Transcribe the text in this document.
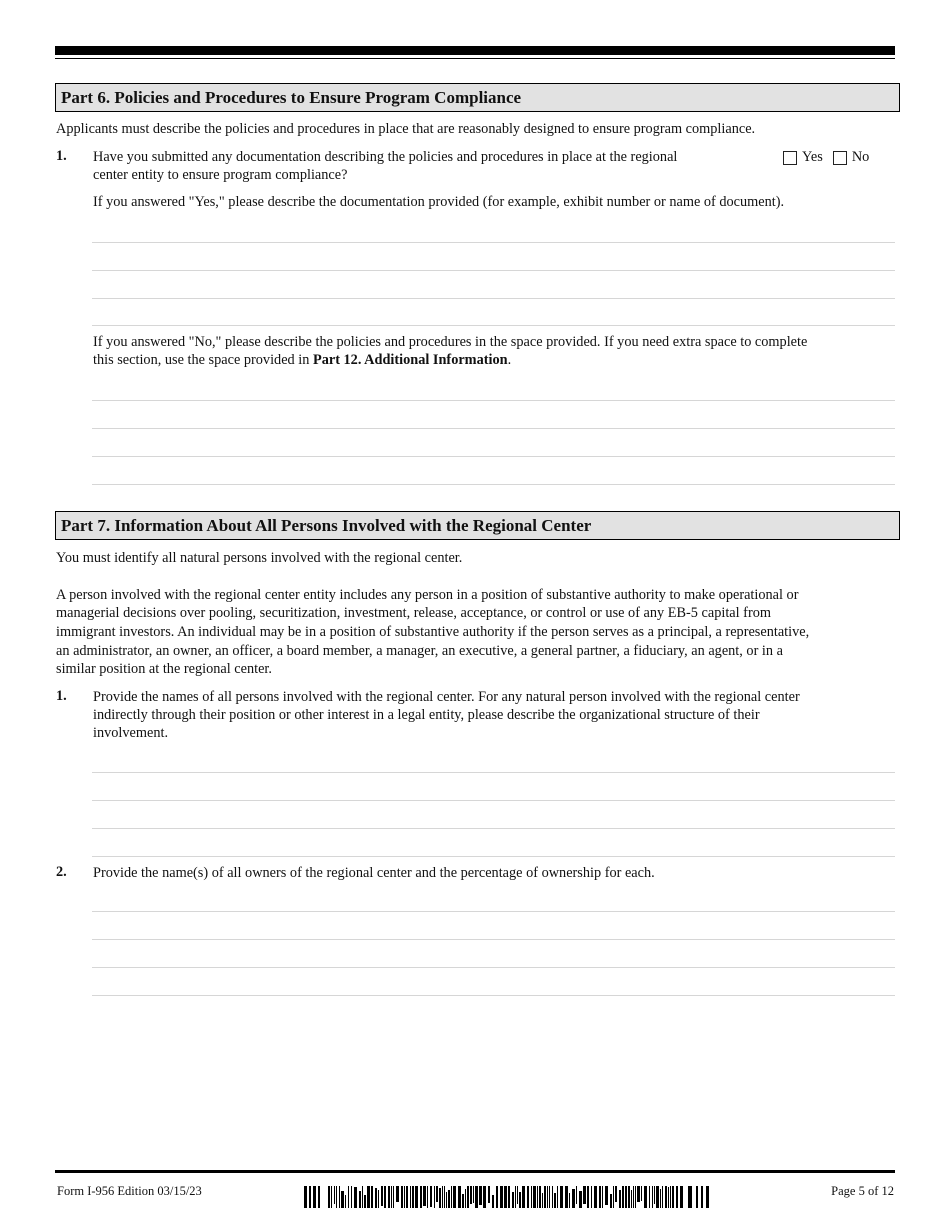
Part 6. Policies and Procedures to Ensure Program Compliance
Applicants must describe the policies and procedures in place that are reasonably designed to ensure program compliance.
1. Have you submitted any documentation describing the policies and procedures in place at the regional
center entity to ensure program compliance?
Yes No
If you answered "Yes," please describe the documentation provided (for example, exhibit number or name of document).
If you answered "No," please describe the policies and procedures in the space provided. If you need extra space to complete
this section, use the space provided in Part 12. Additional Information.
Part 7. Information About All Persons Involved with the Regional Center
You must identify all natural persons involved with the regional center.
A person involved with the regional center entity includes any person in a position of substantive authority to make operational or
managerial decisions over pooling, securitization, investment, release, acceptance, or control or use of any EB-5 capital from
immigrant investors. An individual may be in a position of substantive authority if the person serves as a principal, a representative,
an administrator, an owner, an officer, a board member, a manager, an executive, a general partner, a fiduciary, an agent, or in a
similar position at the regional center.
1. Provide the names of all persons involved with the regional center. For any natural person involved with the regional center
indirectly through their position or other interest in a legal entity, please describe the organizational structure of their
involvement.
2. Provide the name(s) of all owners of the regional center and the percentage of ownership for each.
Form I-956 Edition 03/15/23	Page 5 of 12
